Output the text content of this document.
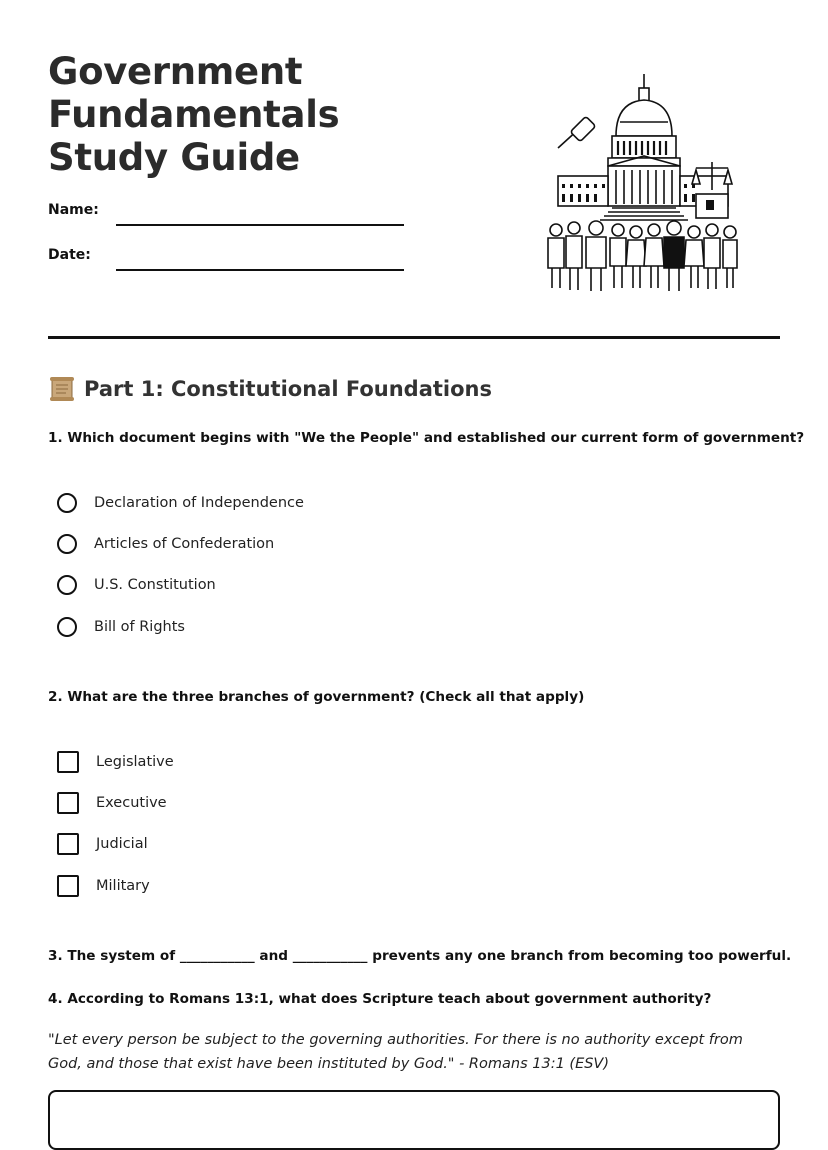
Government Fundamentals Study Guide
Name:
Date:
Part 1: Constitutional Foundations
1. Which document begins with "We the People" and established our current form of government?
Declaration of Independence
Articles of Confederation
U.S. Constitution
Bill of Rights
2. What are the three branches of government? (Check all that apply)
Legislative
Executive
Judicial
Military
3. The system of ___________ and ___________ prevents any one branch from becoming too powerful.
4. According to Romans 13:1, what does Scripture teach about government authority?
"Let every person be subject to the governing authorities. For there is no authority except from God, and those that exist have been instituted by God." - Romans 13:1 (ESV)
